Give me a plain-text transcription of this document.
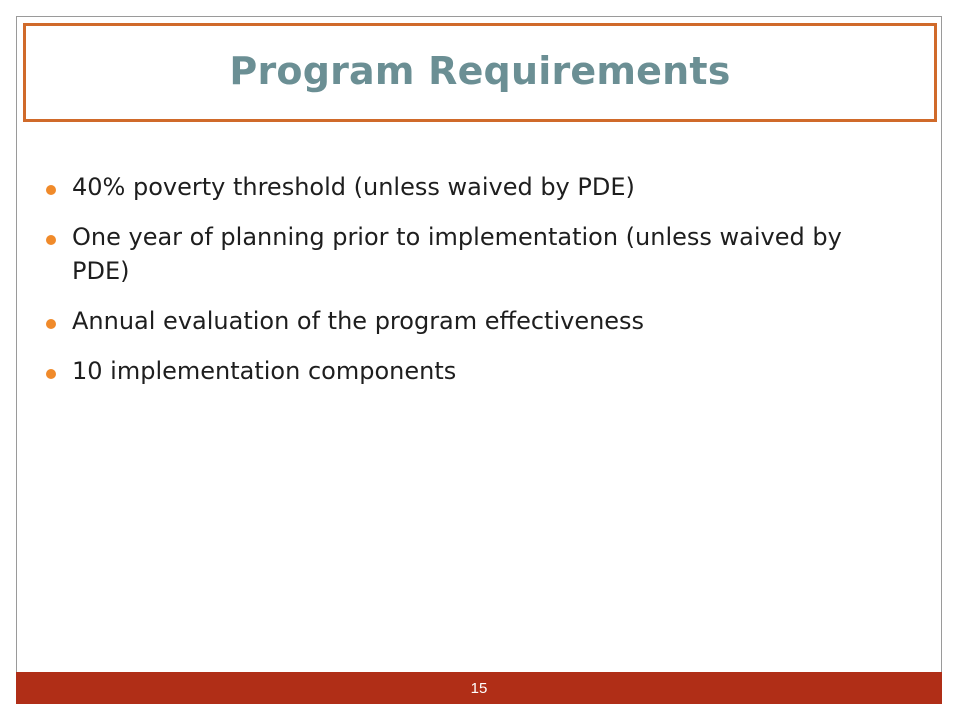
Program Requirements
40% poverty threshold (unless waived by PDE)
One year of planning prior to implementation (unless waived by PDE)
Annual evaluation of the program effectiveness
10 implementation components
15
